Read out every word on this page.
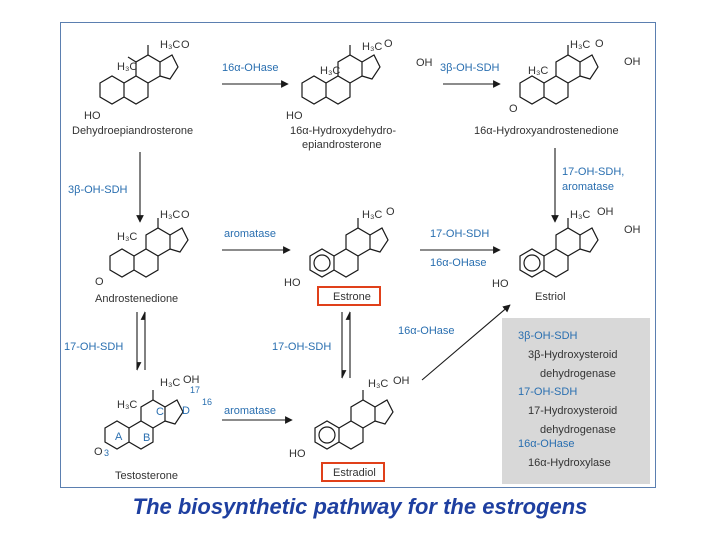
H₃C
H₃C O
HO
Dehydroepiandrosterone
H₃C
H₃C O
OH
HO
16α-Hydroxydehydro-
epiandrosterone
H₃C
H₃C O
OH
O
16α-Hydroxyandrostenedione
16α-OHase	3β-OH-SDH
3β-OH-SDH
17-OH-SDH,
aromatase
H₃C
H₃C O
O
Androstenedione
H₃C O
HO
Estrone
H₃C OH
OH
HO
Estriol
aromatase	17-OH-SDH
16α-OHase
17-OH-SDH	17-OH-SDH
16α-OHase
H₃C
H₃C OH
O
A B
C D
3
16
17
Testosterone
H₃C OH
HO
Estradiol
aromatase
3β-OH-SDH
3β-Hydroxysteroid
dehydrogenase
17-OH-SDH
17-Hydroxysteroid
dehydrogenase
16α-OHase
16α-Hydroxylase
The biosynthetic pathway for the estrogens
